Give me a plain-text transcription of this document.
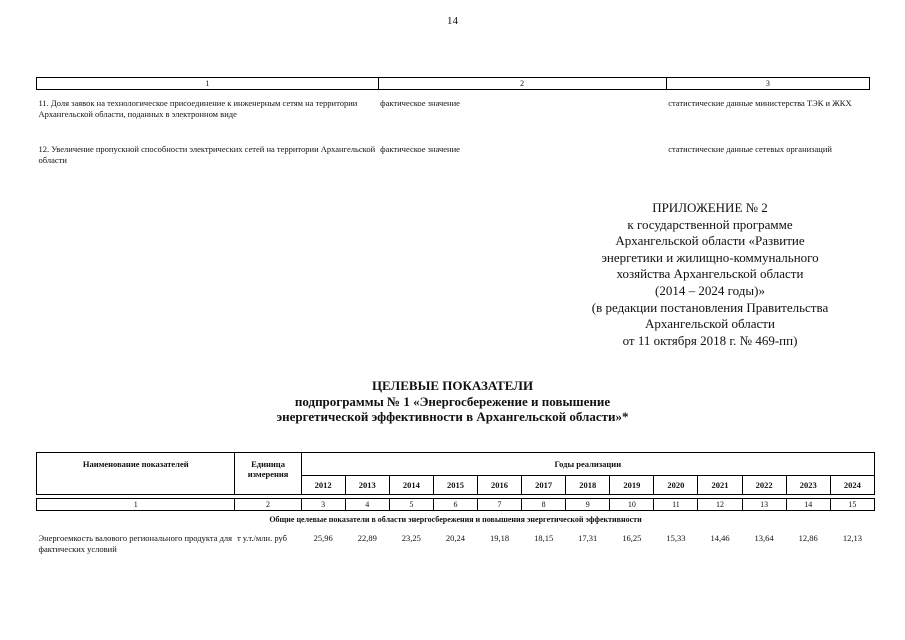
14
1	2	3
11. Доля заявок на технологическое присоединение к инженерным сетям на территории Архангельской области, поданных в электронном виде	фактическое значение	статистические данные министерства ТЭК и ЖКХ
12. Увеличение пропускной способности электрических сетей на территории Архангельской области	фактическое значение	статистические данные сетевых организаций
ПРИЛОЖЕНИЕ № 2
к государственной программе
Архангельской области «Развитие
энергетики и жилищно-коммунального
хозяйства Архангельской области
(2014 – 2024 годы)»
(в редакции постановления Правительства
Архангельской области
от 11 октября 2018 г. № 469-пп)
ЦЕЛЕВЫЕ ПОКАЗАТЕЛИ
подпрограммы № 1 «Энергосбережение и повышение
энергетической эффективности в Архангельской области»*
Наименование показателей	Единица измерения	Годы реализации												
		2012	2013	2014	2015	2016	2017	2018	2019	2020	2021	2022	2023	2024

1	2	3	4	5	6	7	8	9	10	11	12	13	14	15
Общие целевые показатели в области энергосбережения и повышения энергетической эффективности														
Энергоемкость валового регионального продукта для фактических условий	т у.т./млн. руб	25,96	22,89	23,25	20,24	19,18	18,15	17,31	16,25	15,33	14,46	13,64	12,86	12,13
